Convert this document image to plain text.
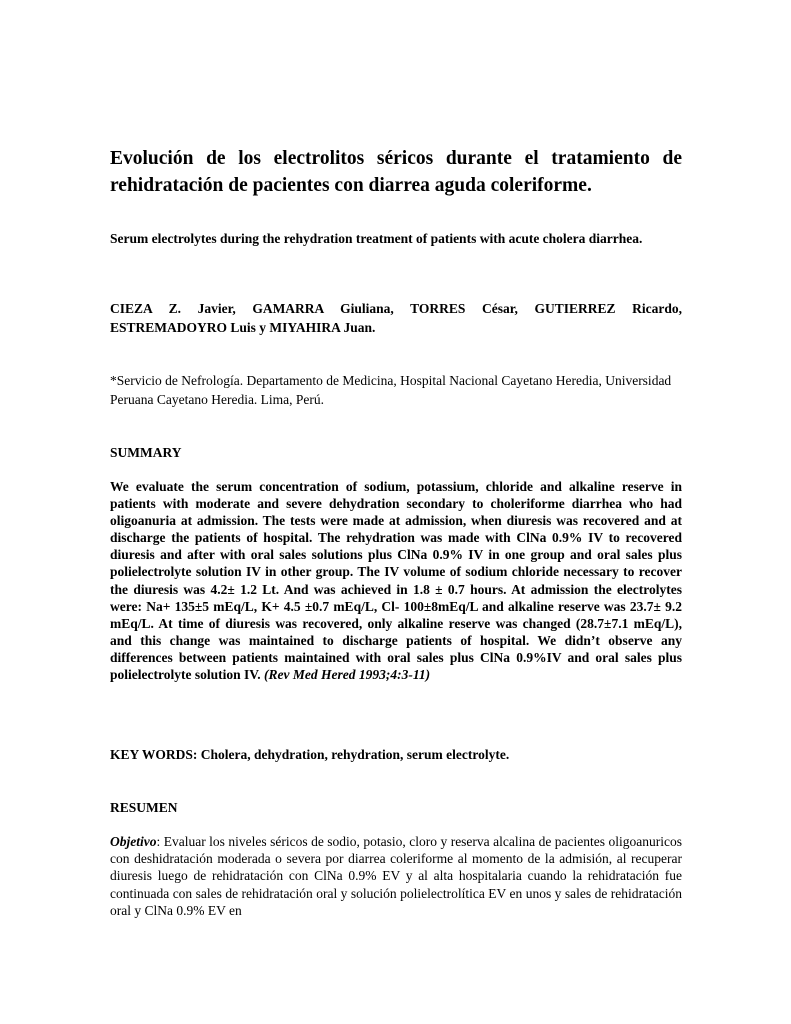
Evolución de los electrolitos séricos durante el tratamiento de rehidratación de pacientes con diarrea aguda coleriforme.

Serum electrolytes during the rehydration treatment of patients with acute cholera diarrhea.

CIEZA Z. Javier, GAMARRA Giuliana, TORRES César, GUTIERREZ Ricardo, ESTREMADOYRO Luis y MIYAHIRA Juan.

*Servicio de Nefrología. Departamento de Medicina, Hospital Nacional Cayetano Heredia, Universidad Peruana Cayetano Heredia. Lima, Perú.

SUMMARY

We evaluate the serum concentration of sodium, potassium, chloride and alkaline reserve in patients with moderate and severe dehydration secondary to choleriforme diarrhea who had oligoanuria at admission. The tests were made at admission, when diuresis was recovered and at discharge the patients of hospital. The rehydration was made with ClNa 0.9% IV to recovered diuresis and after with oral sales solutions plus ClNa 0.9% IV in one group and oral sales plus polielectrolyte solution IV in other group. The IV volume of sodium chloride necessary to recover the diuresis was 4.2± 1.2 Lt. And was achieved in 1.8 ± 0.7 hours. At admission the electrolytes were: Na+ 135±5 mEq/L, K+ 4.5 ±0.7 mEq/L, Cl- 100±8mEq/L and alkaline reserve was 23.7± 9.2 mEq/L. At time of diuresis was recovered, only alkaline reserve was changed (28.7±7.1 mEq/L), and this change was maintained to discharge patients of hospital. We didn’t observe any differences between patients maintained with oral sales plus ClNa 0.9%IV and oral sales plus polielectrolyte solution IV. (Rev Med Hered 1993;4:3-11)

KEY WORDS: Cholera, dehydration, rehydration, serum electrolyte.

RESUMEN

Objetivo: Evaluar los niveles séricos de sodio, potasio, cloro y reserva alcalina de pacientes oligoanuricos con deshidratación moderada o severa por diarrea coleriforme al momento de la admisión, al recuperar diuresis luego de rehidratación con ClNa 0.9% EV y al alta hospitalaria cuando la rehidratación fue continuada con sales de rehidratación oral y solución polielectrolítica EV en unos y sales de rehidratación oral y ClNa 0.9% EV en
